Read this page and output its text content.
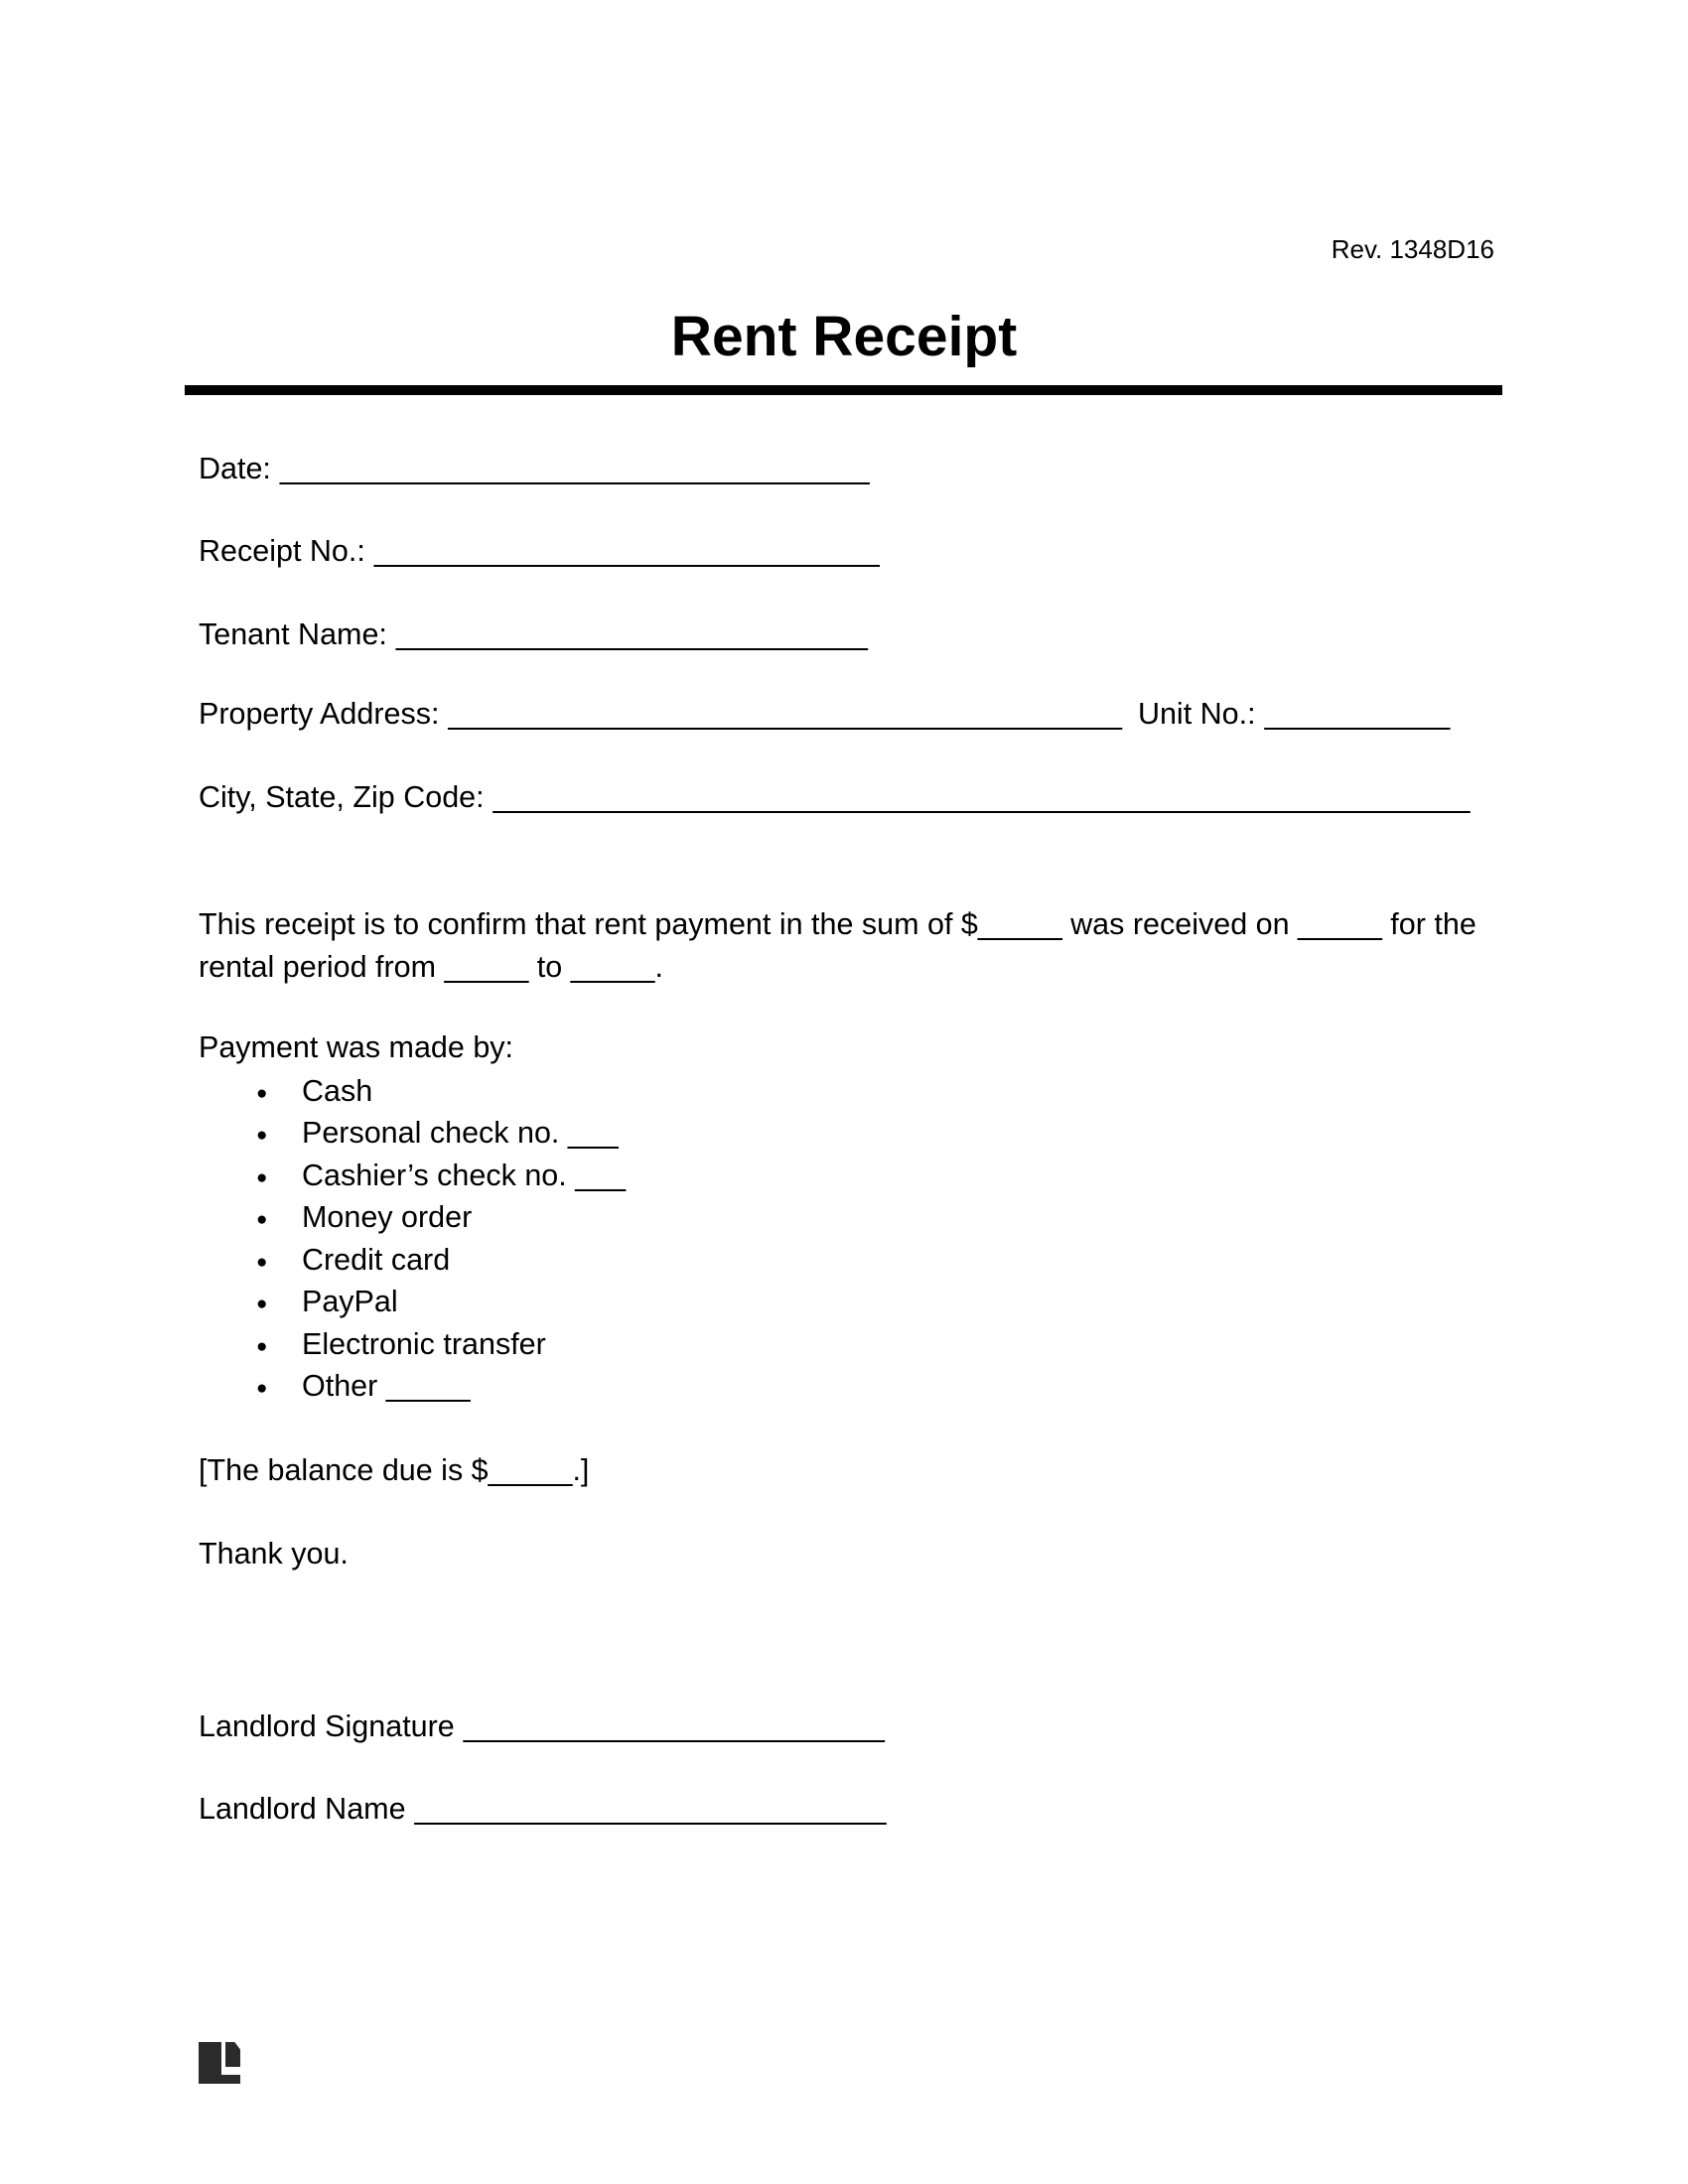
Rev. 1348D16
Rent Receipt
Date: ___________________________________
Receipt No.: ______________________________
Tenant Name: ____________________________
Property Address: ________________________________________ Unit No.: ___________
City, State, Zip Code: __________________________________________________________
This receipt is to confirm that rent payment in the sum of $_____ was received on _____ for the rental period from _____ to _____.
Payment was made by:
● Cash
● Personal check no. ___
● Cashier’s check no. ___
● Money order
● Credit card
● PayPal
● Electronic transfer
● Other _____
[The balance due is $_____.]
Thank you.
Landlord Signature _________________________
Landlord Name ____________________________
